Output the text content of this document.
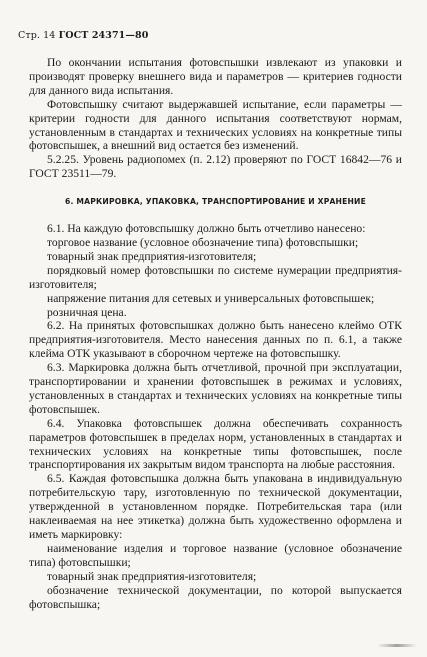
Стр. 14 ГОСТ 24371—80

По окончании испытания фотовспышки извлекают из упаковки и производят проверку внешнего вида и параметров — критериев годности для данного вида испытания.

Фотовспышку считают выдержавшей испытание, если параметры — критерии годности для данного испытания соответствуют нормам, установленным в стандартах и технических условиях на конкретные типы фотовспышек, а внешний вид остается без изменений.

5.2.25. Уровень радиопомех (п. 2.12) проверяют по ГОСТ 16842—76 и ГОСТ 23511—79.

6. МАРКИРОВКА, УПАКОВКА, ТРАНСПОРТИРОВАНИЕ И ХРАНЕНИЕ

6.1. На каждую фотовспышку должно быть отчетливо нанесено:

торговое название (условное обозначение типа) фотовспышки;

товарный знак предприятия-изготовителя;

порядковый номер фотовспышки по системе нумерации предприятия-изготовителя;

напряжение питания для сетевых и универсальных фотовспышек;

розничная цена.

6.2. На принятых фотовспышках должно быть нанесено клеймо ОТК предприятия-изготовителя. Место нанесения данных по п. 6.1, а также клейма ОТК указывают в сборочном чертеже на фотовспышку.

6.3. Маркировка должна быть отчетливой, прочной при эксплуатации, транспортировании и хранении фотовспышек в режимах и условиях, установленных в стандартах и технических условиях на конкретные типы фотовспышек.

6.4. Упаковка фотовспышек должна обеспечивать сохранность параметров фотовспышек в пределах норм, установленных в стандартах и технических условиях на конкретные типы фотовспышек, после транспортирования их закрытым видом транспорта на любые расстояния.

6.5. Каждая фотовспышка должна быть упакована в индивидуальную потребительскую тару, изготовленную по технической документации, утвержденной в установленном порядке. Потребительская тара (или наклеиваемая на нее этикетка) должна быть художественно оформлена и иметь маркировку:

наименование изделия и торговое название (условное обозначение типа) фотовспышки;

товарный знак предприятия-изготовителя;

обозначение технической документации, по которой выпускается фотовспышка;
